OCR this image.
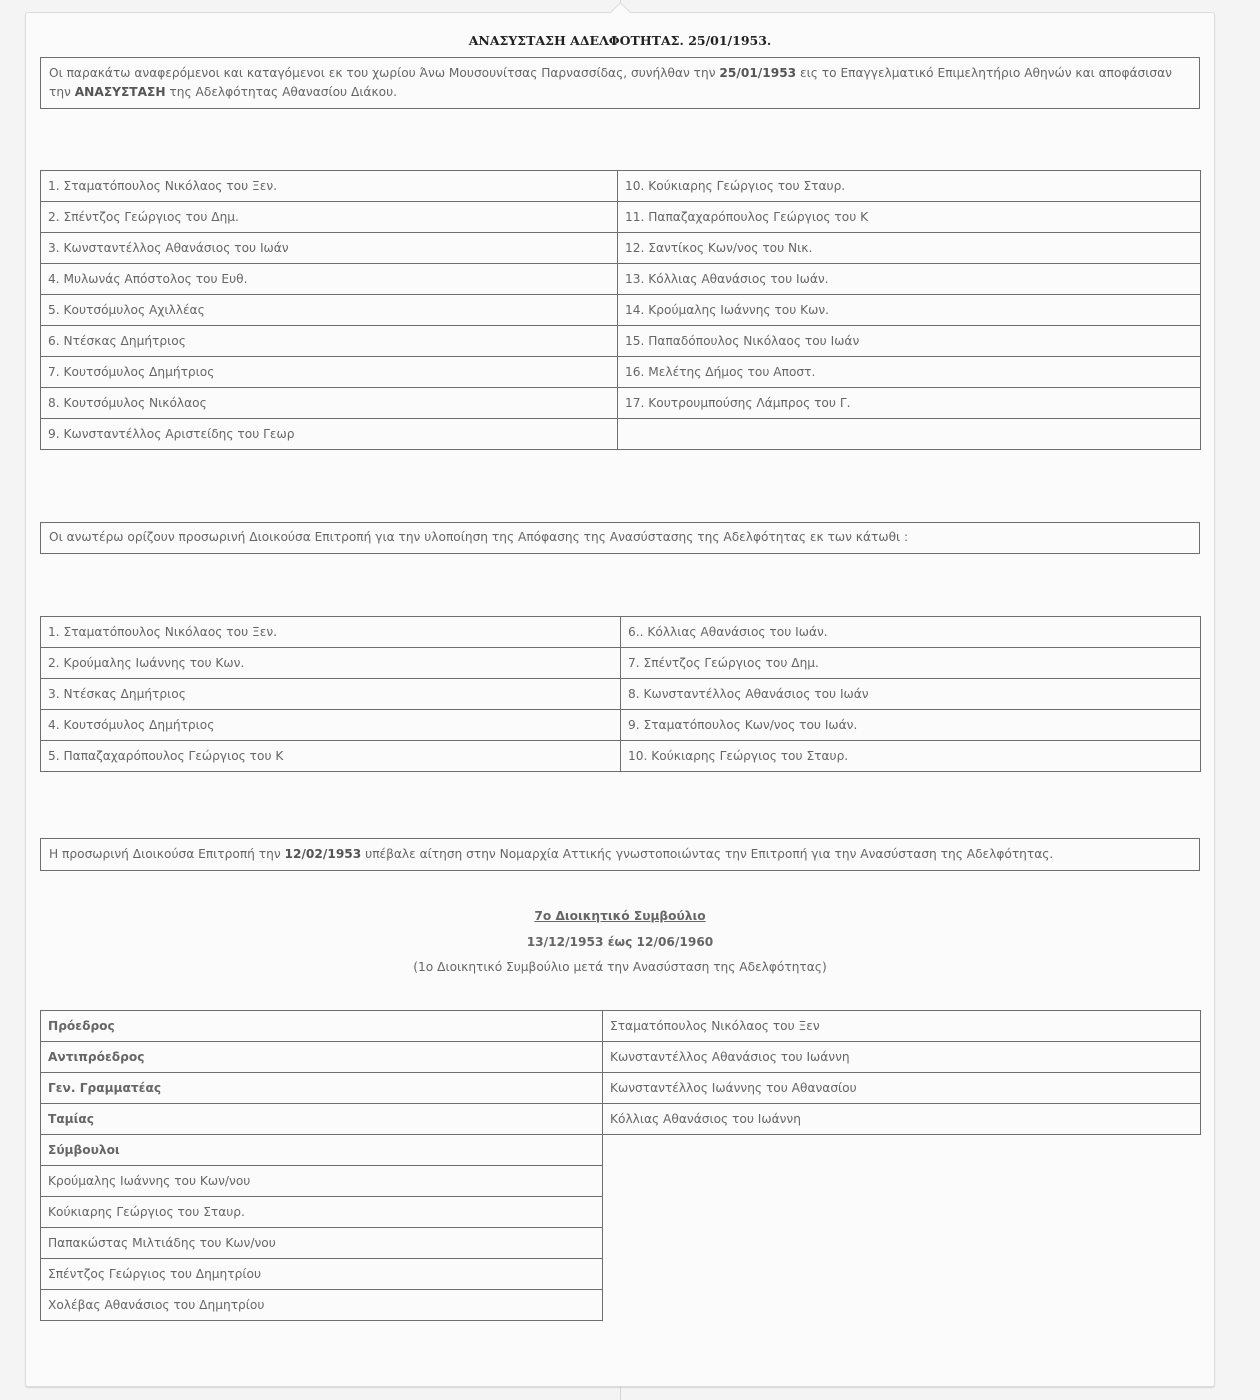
ΑΝΑΣΥΣΤΑΣΗ ΑΔΕΛΦΟΤΗΤΑΣ. 25/01/1953.
Οι παρακάτω αναφερόμενοι και καταγόμενοι εκ του χωρίου Άνω Μουσουνίτσας Παρνασσίδας, συνήλθαν την 25/01/1953 εις το Επαγγελματικό Επιμελητήριο Αθηνών και αποφάσισαν την ΑΝΑΣΥΣΤΑΣΗ της Αδελφότητας Αθανασίου Διάκου.
1. Σταματόπουλος Νικόλαος του Ξεν.	10. Κούκιαρης Γεώργιος του Σταυρ.
2. Σπέντζος Γεώργιος του Δημ.	11. Παπαζαχαρόπουλος Γεώργιος του Κ
3. Κωνσταντέλλος Αθανάσιος του Ιωάν	12. Σαντίκος Κων/νος του Νικ.
4. Μυλωνάς Απόστολος του Ευθ.	13. Κόλλιας Αθανάσιος του Ιωάν.
5. Κουτσόμυλος Αχιλλέας	14. Κρούμαλης Ιωάννης του Κων.
6. Ντέσκας Δημήτριος	15. Παπαδόπουλος Νικόλαος του Ιωάν
7. Κουτσόμυλος Δημήτριος	16. Μελέτης Δήμος του Αποστ.
8. Κουτσόμυλος Νικόλαος	17. Κουτρουμπούσης Λάμπρος του Γ.
9. Κωνσταντέλλος Αριστείδης του Γεωρ	
Οι ανωτέρω ορίζουν προσωρινή Διοικούσα Επιτροπή για την υλοποίηση της Απόφασης της Ανασύστασης της Αδελφότητας εκ των κάτωθι :
1. Σταματόπουλος Νικόλαος του Ξεν.	6.. Κόλλιας Αθανάσιος του Ιωάν.
2. Κρούμαλης Ιωάννης του Κων.	7. Σπέντζος Γεώργιος του Δημ.
3. Ντέσκας Δημήτριος	8. Κωνσταντέλλος Αθανάσιος του Ιωάν
4. Κουτσόμυλος Δημήτριος	9. Σταματόπουλος Κων/νος του Ιωάν.
5. Παπαζαχαρόπουλος Γεώργιος του Κ	10. Κούκιαρης Γεώργιος του Σταυρ.
Η προσωρινή Διοικούσα Επιτροπή την 12/02/1953 υπέβαλε αίτηση στην Νομαρχία Αττικής γνωστοποιώντας την Επιτροπή για την Ανασύσταση της Αδελφότητας.
7ο Διοικητικό Συμβούλιο
13/12/1953 έως 12/06/1960
(1ο Διοικητικό Συμβούλιο μετά την Ανασύσταση της Αδελφότητας)
Πρόεδρος	Σταματόπουλος Νικόλαος του Ξεν
Αντιπρόεδρος	Κωνσταντέλλος Αθανάσιος του Ιωάννη
Γεν. Γραμματέας	Κωνσταντέλλος Ιωάννης του Αθανασίου
Ταμίας	Κόλλιας Αθανάσιος του Ιωάννη
Σύμβουλοι	
Κρούμαλης Ιωάννης του Κων/νου	
Κούκιαρης Γεώργιος του Σταυρ.	
Παπακώστας Μιλτιάδης του Κων/νου	
Σπέντζος Γεώργιος του Δημητρίου	
Χολέβας Αθανάσιος του Δημητρίου	
